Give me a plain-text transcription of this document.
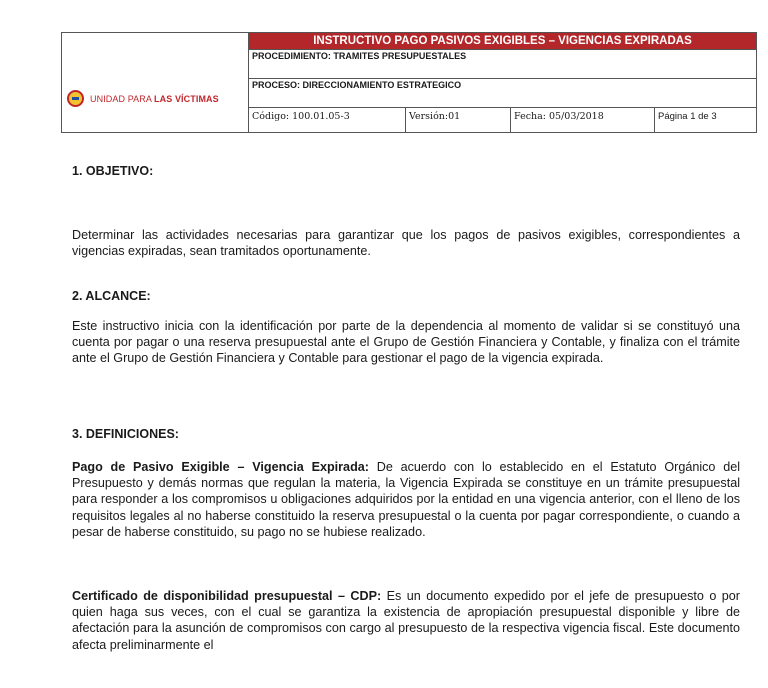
UNIDAD PARA LAS VÍCTIMAS
INSTRUCTIVO PAGO PASIVOS EXIGIBLES – VIGENCIAS EXPIRADAS
PROCEDIMIENTO: TRAMITES PRESUPUESTALES
PROCESO: DIRECCIONAMIENTO ESTRATEGICO
Código: 100.01.05-3	Versión:01	Fecha: 05/03/2018	Página 1 de 3
1. OBJETIVO:
Determinar las actividades necesarias para garantizar que los pagos de pasivos exigibles, correspondientes a vigencias expiradas, sean tramitados oportunamente.
2. ALCANCE:
Este instructivo inicia con la identificación por parte de la dependencia al momento de validar si se constituyó una cuenta por pagar o una reserva presupuestal ante el Grupo de Gestión Financiera y Contable, y finaliza con el trámite ante el Grupo de Gestión Financiera y Contable para gestionar el pago de la vigencia expirada.
3. DEFINICIONES:
Pago de Pasivo Exigible – Vigencia Expirada: De acuerdo con lo establecido en el Estatuto Orgánico del Presupuesto y demás normas que regulan la materia, la Vigencia Expirada se constituye en un trámite presupuestal para responder a los compromisos u obligaciones adquiridos por la entidad en una vigencia anterior, con el lleno de los requisitos legales al no haberse constituido la reserva presupuestal o la cuenta por pagar correspondiente, o cuando a pesar de haberse constituido, su pago no se hubiese realizado.
Certificado de disponibilidad presupuestal – CDP: Es un documento expedido por el jefe de presupuesto o por quien haga sus veces, con el cual se garantiza la existencia de apropiación presupuestal disponible y libre de afectación para la asunción de compromisos con cargo al presupuesto de la respectiva vigencia fiscal. Este documento afecta preliminarmente el
